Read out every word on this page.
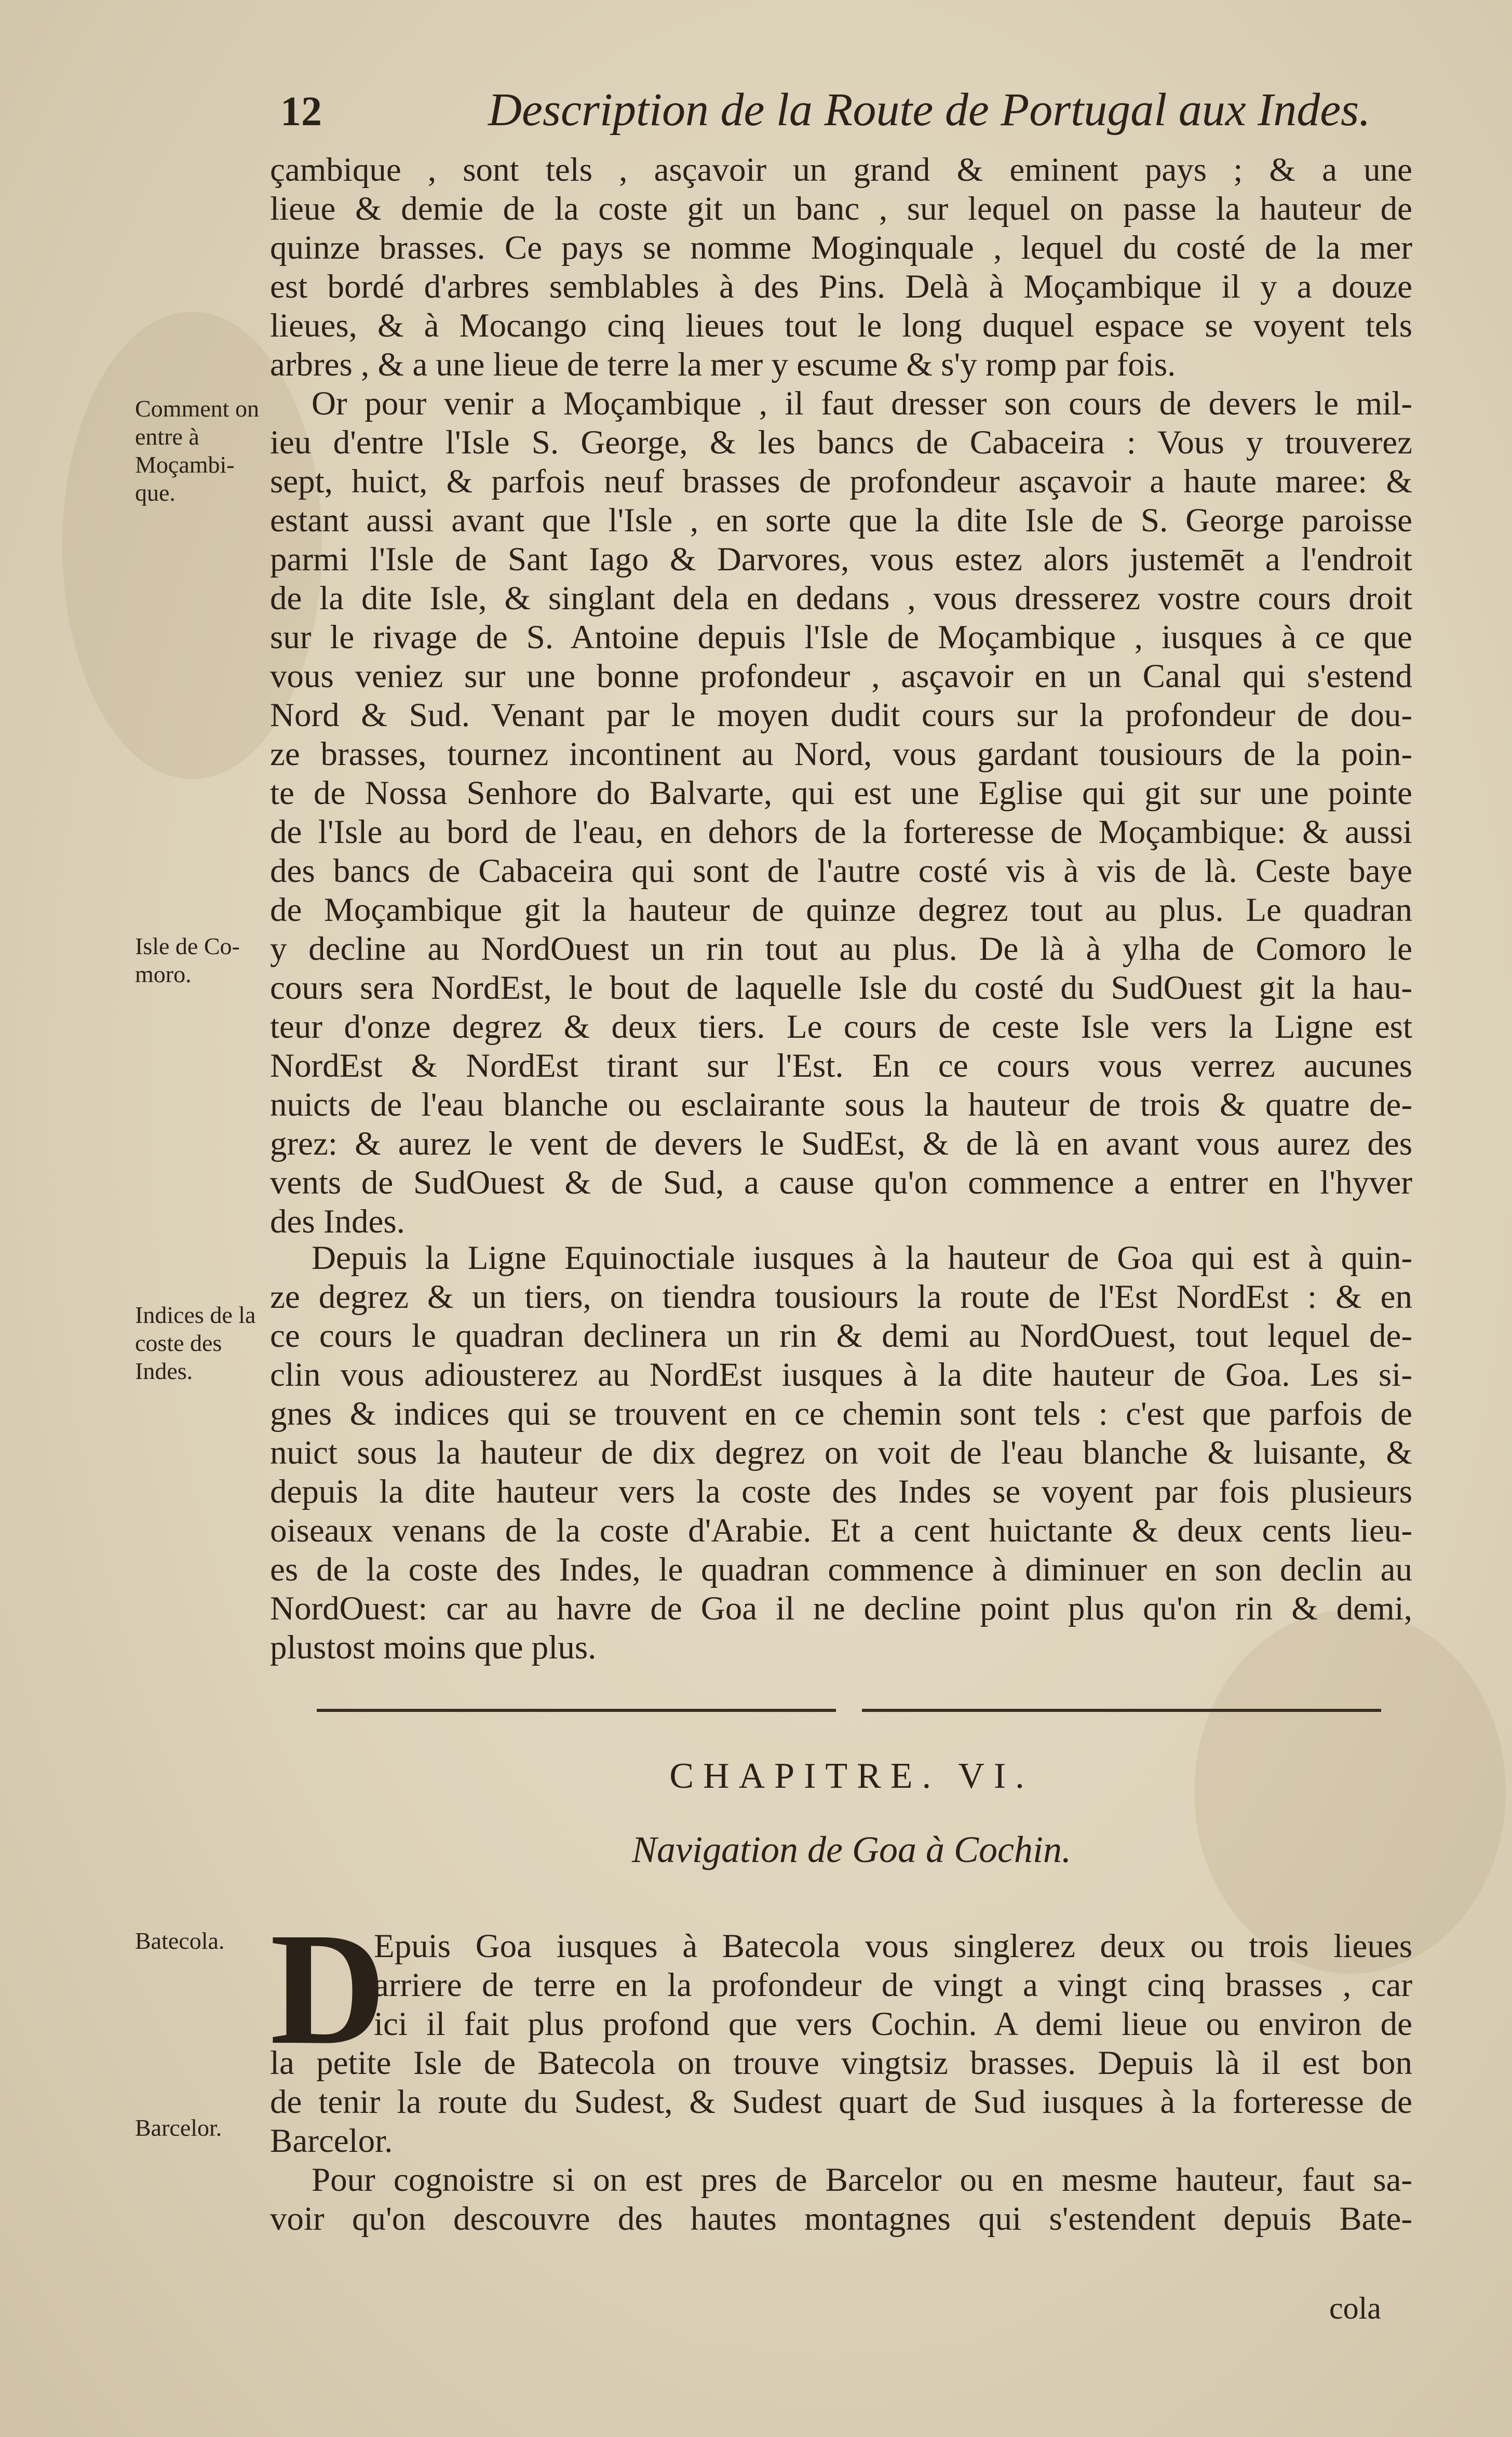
12	Description de la Route de Portugal aux Indes.
çambique , sont tels , asçavoir un grand & eminent pays ; & a une
lieue & demie de la coste git un banc , sur lequel on passe la hauteur de
quinze brasses. Ce pays se nomme Moginquale , lequel du costé de la mer
est bordé d'arbres semblables à des Pins. Delà à Moçambique il y a douze
lieues, & à Mocango cinq lieues tout le long duquel espace se voyent tels
arbres , & a une lieue de terre la mer y escume & s'y romp par fois.
Or pour venir a Moçambique , il faut dresser son cours de devers le mil-
ieu d'entre l'Isle S. George, & les bancs de Cabaceira : Vous y trouverez
sept, huict, & parfois neuf brasses de profondeur asçavoir a haute maree: &
estant aussi avant que l'Isle , en sorte que la dite Isle de S. George paroisse
parmi l'Isle de Sant Iago & Darvores, vous estez alors justemēt a l'endroit
de la dite Isle, & singlant dela en dedans , vous dresserez vostre cours droit
sur le rivage de S. Antoine depuis l'Isle de Moçambique , iusques à ce que
vous veniez sur une bonne profondeur , asçavoir en un Canal qui s'estend
Nord & Sud. Venant par le moyen dudit cours sur la profondeur de dou-
ze brasses, tournez incontinent au Nord, vous gardant tousiours de la poin-
te de Nossa Senhore do Balvarte, qui est une Eglise qui git sur une pointe
de l'Isle au bord de l'eau, en dehors de la forteresse de Moçambique: & aussi
des bancs de Cabaceira qui sont de l'autre costé vis à vis de là. Ceste baye
de Moçambique git la hauteur de quinze degrez tout au plus. Le quadran
y decline au NordOuest un rin tout au plus. De là à ylha de Comoro le
cours sera NordEst, le bout de laquelle Isle du costé du SudOuest git la hau-
teur d'onze degrez & deux tiers. Le cours de ceste Isle vers la Ligne est
NordEst & NordEst tirant sur l'Est. En ce cours vous verrez aucunes
nuicts de l'eau blanche ou esclairante sous la hauteur de trois & quatre de-
grez: & aurez le vent de devers le SudEst, & de là en avant vous aurez des
vents de SudOuest & de Sud, a cause qu'on commence a entrer en l'hyver
des Indes.
Depuis la Ligne Equinoctiale iusques à la hauteur de Goa qui est à quin-
ze degrez & un tiers, on tiendra tousiours la route de l'Est NordEst : & en
ce cours le quadran declinera un rin & demi au NordOuest, tout lequel de-
clin vous adiousterez au NordEst iusques à la dite hauteur de Goa. Les si-
gnes & indices qui se trouvent en ce chemin sont tels : c'est que parfois de
nuict sous la hauteur de dix degrez on voit de l'eau blanche & luisante, &
depuis la dite hauteur vers la coste des Indes se voyent par fois plusieurs
oiseaux venans de la coste d'Arabie. Et a cent huictante & deux cents lieu-
es de la coste des Indes, le quadran commence à diminuer en son declin au
NordOuest: car au havre de Goa il ne decline point plus qu'on rin & demi,
plustost moins que plus.
Comment on entre à Moçambi- que.
Isle de Co- moro.
Indices de la coste des Indes.
Batecola.
Barcelor.
CHAPITRE. VI.
Navigation de Goa à Cochin.
D
Epuis Goa iusques à Batecola vous singlerez deux ou trois lieues
arriere de terre en la profondeur de vingt a vingt cinq brasses , car
ici il fait plus profond que vers Cochin. A demi lieue ou environ de
la petite Isle de Batecola on trouve vingtsiz brasses. Depuis là il est bon
de tenir la route du Sudest, & Sudest quart de Sud iusques à la forteresse de
Barcelor.
Pour cognoistre si on est pres de Barcelor ou en mesme hauteur, faut sa-
voir qu'on descouvre des hautes montagnes qui s'estendent depuis Bate-
cola
